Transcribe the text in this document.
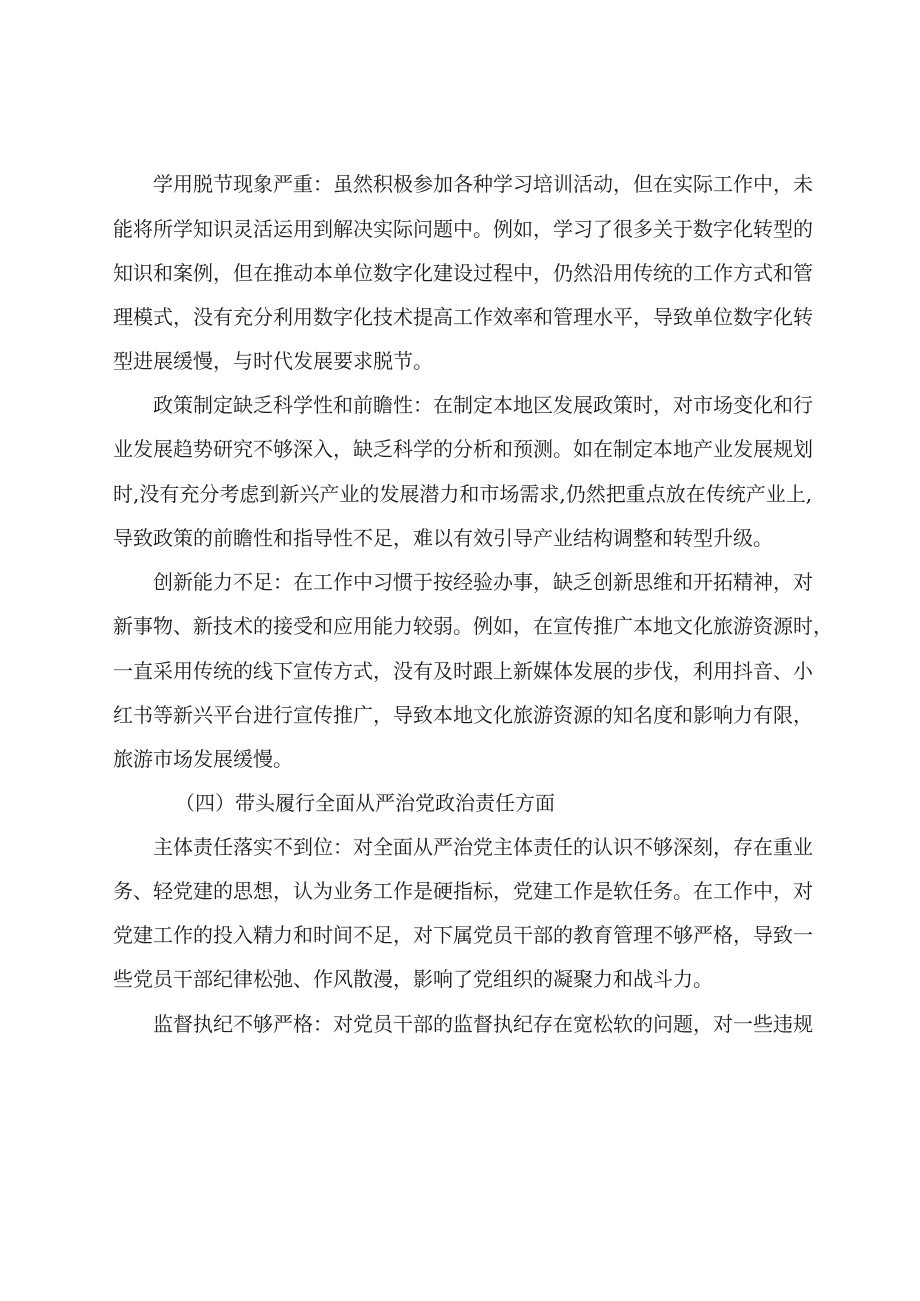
学用脱节现象严重：虽然积极参加各种学习培训活动，但在实际工作中，未
能将所学知识灵活运用到解决实际问题中。例如，学习了很多关于数字化转型的
知识和案例，但在推动本单位数字化建设过程中，仍然沿用传统的工作方式和管
理模式，没有充分利用数字化技术提高工作效率和管理水平，导致单位数字化转
型进展缓慢，与时代发展要求脱节。
政策制定缺乏科学性和前瞻性：在制定本地区发展政策时，对市场变化和行
业发展趋势研究不够深入，缺乏科学的分析和预测。如在制定本地产业发展规划
时,没有充分考虑到新兴产业的发展潜力和市场需求,仍然把重点放在传统产业上,
导致政策的前瞻性和指导性不足，难以有效引导产业结构调整和转型升级。
创新能力不足：在工作中习惯于按经验办事，缺乏创新思维和开拓精神，对
新事物、新技术的接受和应用能力较弱。例如，在宣传推广本地文化旅游资源时，
一直采用传统的线下宣传方式，没有及时跟上新媒体发展的步伐，利用抖音、小
红书等新兴平台进行宣传推广，导致本地文化旅游资源的知名度和影响力有限，
旅游市场发展缓慢。
（四）带头履行全面从严治党政治责任方面
主体责任落实不到位：对全面从严治党主体责任的认识不够深刻，存在重业
务、轻党建的思想，认为业务工作是硬指标，党建工作是软任务。在工作中，对
党建工作的投入精力和时间不足，对下属党员干部的教育管理不够严格，导致一
些党员干部纪律松弛、作风散漫，影响了党组织的凝聚力和战斗力。
监督执纪不够严格：对党员干部的监督执纪存在宽松软的问题，对一些违规
